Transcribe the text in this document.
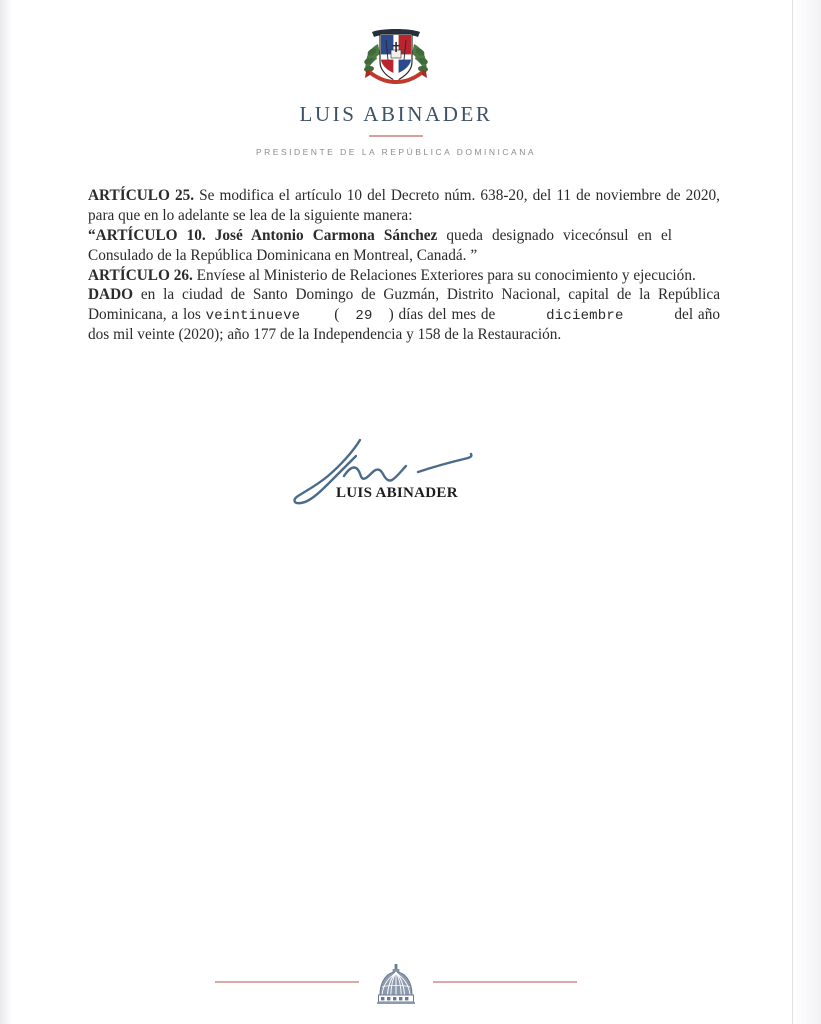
LUIS ABINADER
PRESIDENTE DE LA REPÚBLICA DOMINICANA

ARTÍCULO 25. Se modifica el artículo 10 del Decreto núm. 638-20, del 11 de noviembre de 2020, para que en lo adelante se lea de la siguiente manera:

“ARTÍCULO 10. José Antonio Carmona Sánchez queda designado vicecónsul en el Consulado de la República Dominicana en Montreal, Canadá. ”

ARTÍCULO 26. Envíese al Ministerio de Relaciones Exteriores para su conocimiento y ejecución.

DADO en la ciudad de Santo Domingo de Guzmán, Distrito Nacional, capital de la República Dominicana, a los veintinueve ( 29 ) días del mes de	diciembre	del año dos mil veinte (2020); año 177 de la Independencia y 158 de la Restauración.

LUIS ABINADER
